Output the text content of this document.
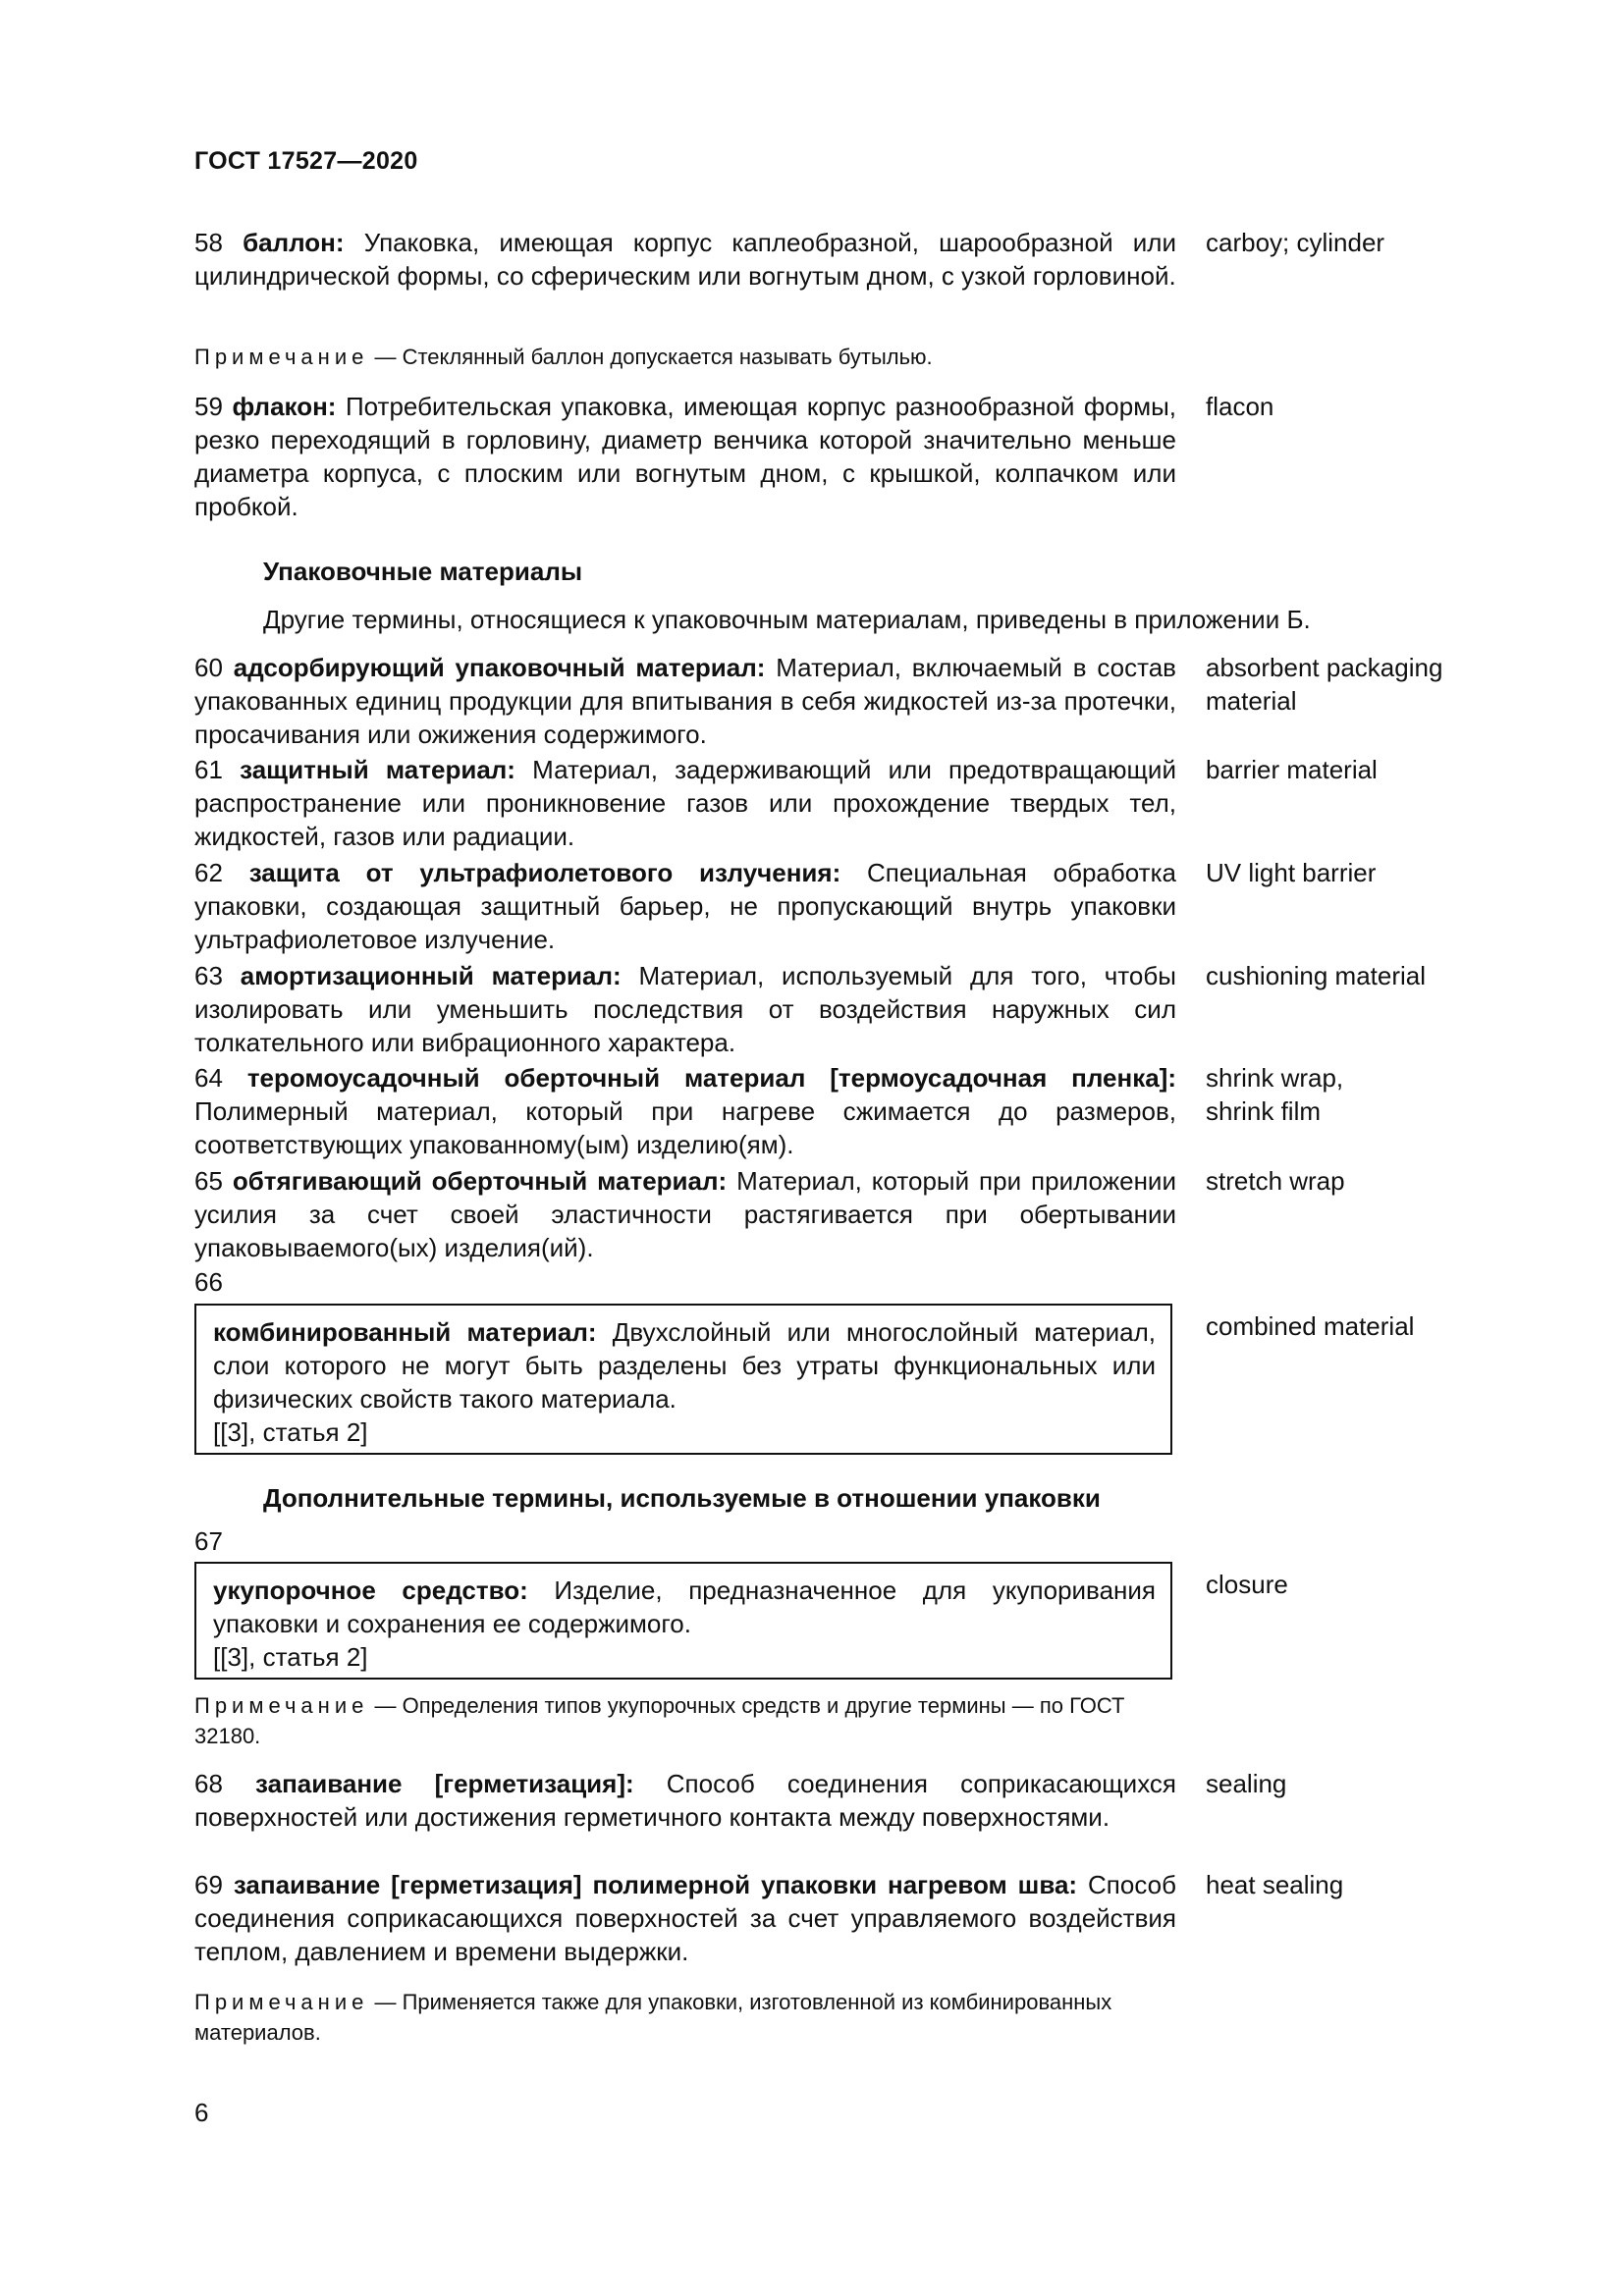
ГОСТ 17527—2020
58 баллон: Упаковка, имеющая корпус каплеобразной, шарообразной или цилиндрической формы, со сферическим или вогнутым дном, с узкой горловиной.
carboy; cylinder
Примечание — Стеклянный баллон допускается называть бутылью.
59 флакон: Потребительская упаковка, имеющая корпус разнообразной формы, резко переходящий в горловину, диаметр венчика которой значительно меньше диаметра корпуса, с плоским или вогнутым дном, с крышкой, колпачком или пробкой.
flacon
Упаковочные материалы
Другие термины, относящиеся к упаковочным материалам, приведены в приложении Б.
60 адсорбирующий упаковочный материал: Материал, включаемый в состав упакованных единиц продукции для впитывания в себя жидкостей из-за протечки, просачивания или ожижения содержимого.
absorbent packaging material
61 защитный материал: Материал, задерживающий или предотвращающий распространение или проникновение газов или прохождение твердых тел, жидкостей, газов или радиации.
barrier material
62 защита от ультрафиолетового излучения: Специальная обработка упаковки, создающая защитный барьер, не пропускающий внутрь упаковки ультрафиолетовое излучение.
UV light barrier
63 амортизационный материал: Материал, используемый для того, чтобы изолировать или уменьшить последствия от воздействия наружных сил толкательного или вибрационного характера.
cushioning material
64 теромоусадочный оберточный материал [термоусадочная пленка]: Полимерный материал, который при нагреве сжимается до размеров, соответствующих упакованному(ым) изделию(ям).
shrink wrap,
shrink film
65 обтягивающий оберточный материал: Материал, который при приложении усилия за счет своей эластичности растягивается при обертывании упаковываемого(ых) изделия(ий).
stretch wrap
66
комбинированный материал: Двухслойный или многослойный материал, слои которого не могут быть разделены без утраты функциональных или физических свойств такого материала.
[[3], статья 2]
combined material
Дополнительные термины, используемые в отношении упаковки
67
укупорочное средство: Изделие, предназначенное для укупоривания упаковки и сохранения ее содержимого.
[[3], статья 2]
closure
Примечание — Определения типов укупорочных средств и другие термины — по ГОСТ 32180.
68 запаивание [герметизация]: Способ соединения соприкасающихся поверхностей или достижения герметичного контакта между поверхностями.
sealing
69 запаивание [герметизация] полимерной упаковки нагревом шва: Способ соединения соприкасающихся поверхностей за счет управляемого воздействия теплом, давлением и времени выдержки.
heat sealing
Примечание — Применяется также для упаковки, изготовленной из комбинированных материалов.
6
